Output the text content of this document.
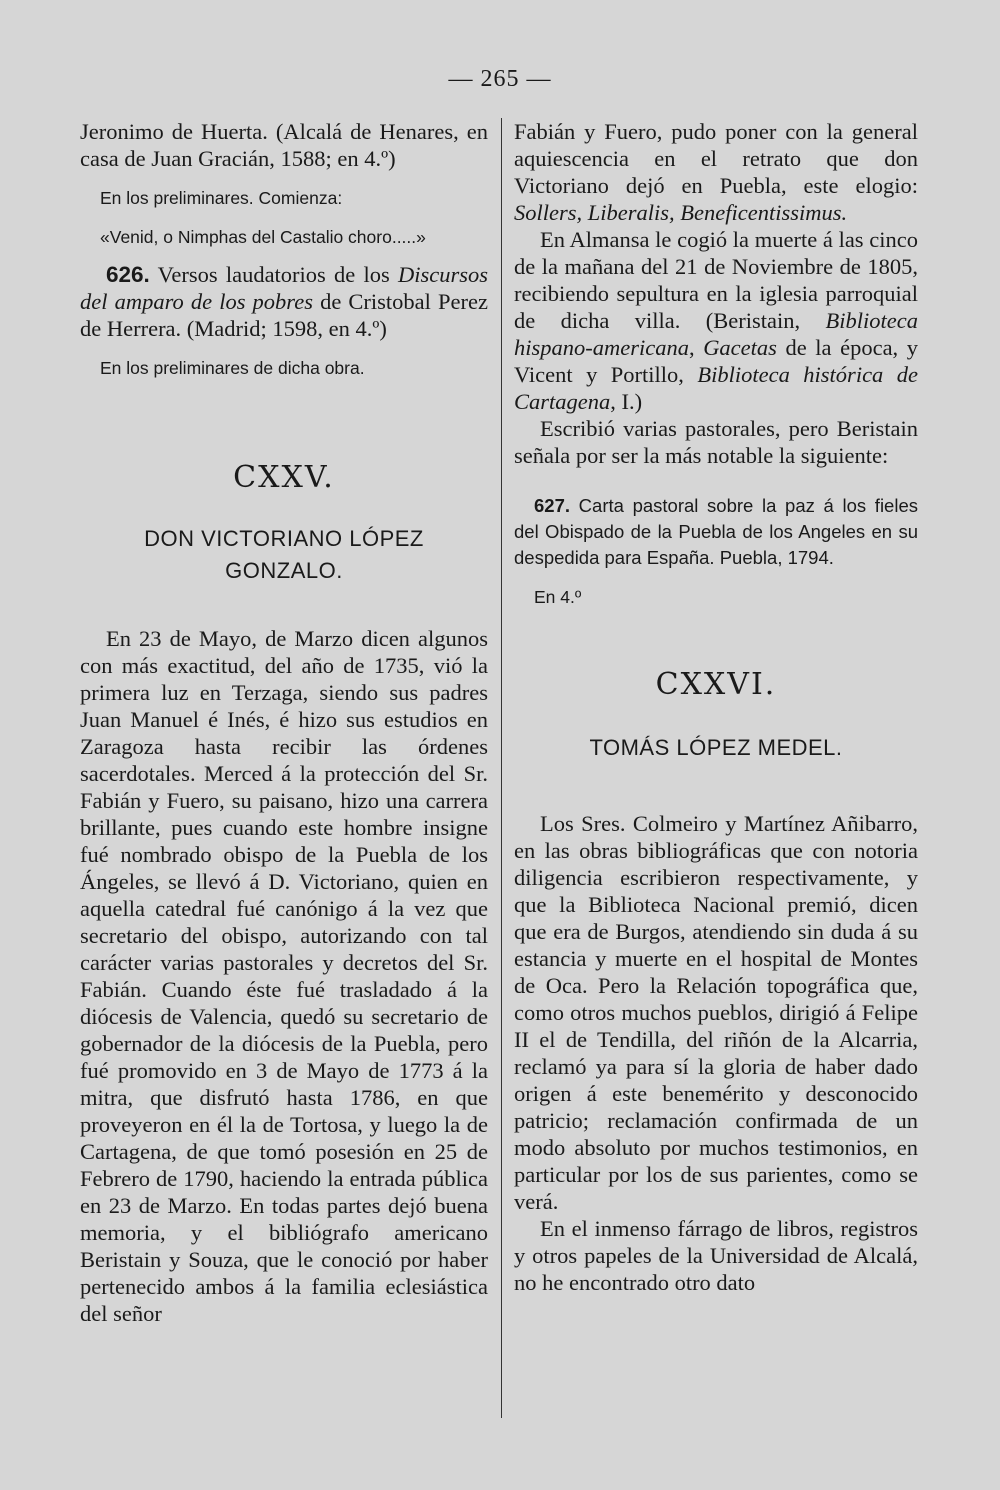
— 265 —

Jeronimo de Huerta. (Alcalá de Henares, en casa de Juan Gracián, 1588; en 4.º)

En los preliminares. Comienza:

«Venid, o Nimphas del Castalio choro.....»

626. Versos laudatorios de los Discursos del amparo de los pobres de Cristobal Perez de Herrera. (Madrid; 1598, en 4.º)

En los preliminares de dicha obra.

CXXV.

DON VICTORIANO LÓPEZ GONZALO.

En 23 de Mayo, de Marzo dicen algunos con más exactitud, del año de 1735, vió la primera luz en Terzaga, siendo sus padres Juan Manuel é Inés, é hizo sus estudios en Zaragoza hasta recibir las órdenes sacerdotales. Merced á la protección del Sr. Fabián y Fuero, su paisano, hizo una carrera brillante, pues cuando este hombre insigne fué nombrado obispo de la Puebla de los Ángeles, se llevó á D. Victoriano, quien en aquella catedral fué canónigo á la vez que secretario del obispo, autorizando con tal carácter varias pastorales y decretos del Sr. Fabián. Cuando éste fué trasladado á la diócesis de Valencia, quedó su secretario de gobernador de la diócesis de la Puebla, pero fué promovido en 3 de Mayo de 1773 á la mitra, que disfrutó hasta 1786, en que proveyeron en él la de Tortosa, y luego la de Cartagena, de que tomó posesión en 25 de Febrero de 1790, haciendo la entrada pública en 23 de Marzo. En todas partes dejó buena memoria, y el bibliógrafo americano Beristain y Souza, que le conoció por haber pertenecido ambos á la familia eclesiástica del señor

Fabián y Fuero, pudo poner con la general aquiescencia en el retrato que don Victoriano dejó en Puebla, este elogio: Sollers, Liberalis, Beneficentissimus.

En Almansa le cogió la muerte á las cinco de la mañana del 21 de Noviembre de 1805, recibiendo sepultura en la iglesia parroquial de dicha villa. (Beristain, Biblioteca hispano-americana, Gacetas de la época, y Vicent y Portillo, Biblioteca histórica de Cartagena, I.)

Escribió varias pastorales, pero Beristain señala por ser la más notable la siguiente:

627. Carta pastoral sobre la paz á los fieles del Obispado de la Puebla de los Angeles en su despedida para España. Puebla, 1794.

En 4.º

CXXVI.

TOMÁS LÓPEZ MEDEL.

Los Sres. Colmeiro y Martínez Añibarro, en las obras bibliográficas que con notoria diligencia escribieron respectivamente, y que la Biblioteca Nacional premió, dicen que era de Burgos, atendiendo sin duda á su estancia y muerte en el hospital de Montes de Oca. Pero la Relación topográfica que, como otros muchos pueblos, dirigió á Felipe II el de Tendilla, del riñón de la Alcarria, reclamó ya para sí la gloria de haber dado origen á este benemérito y desconocido patricio; reclamación confirmada de un modo absoluto por muchos testimonios, en particular por los de sus parientes, como se verá.

En el inmenso fárrago de libros, registros y otros papeles de la Universidad de Alcalá, no he encontrado otro dato
